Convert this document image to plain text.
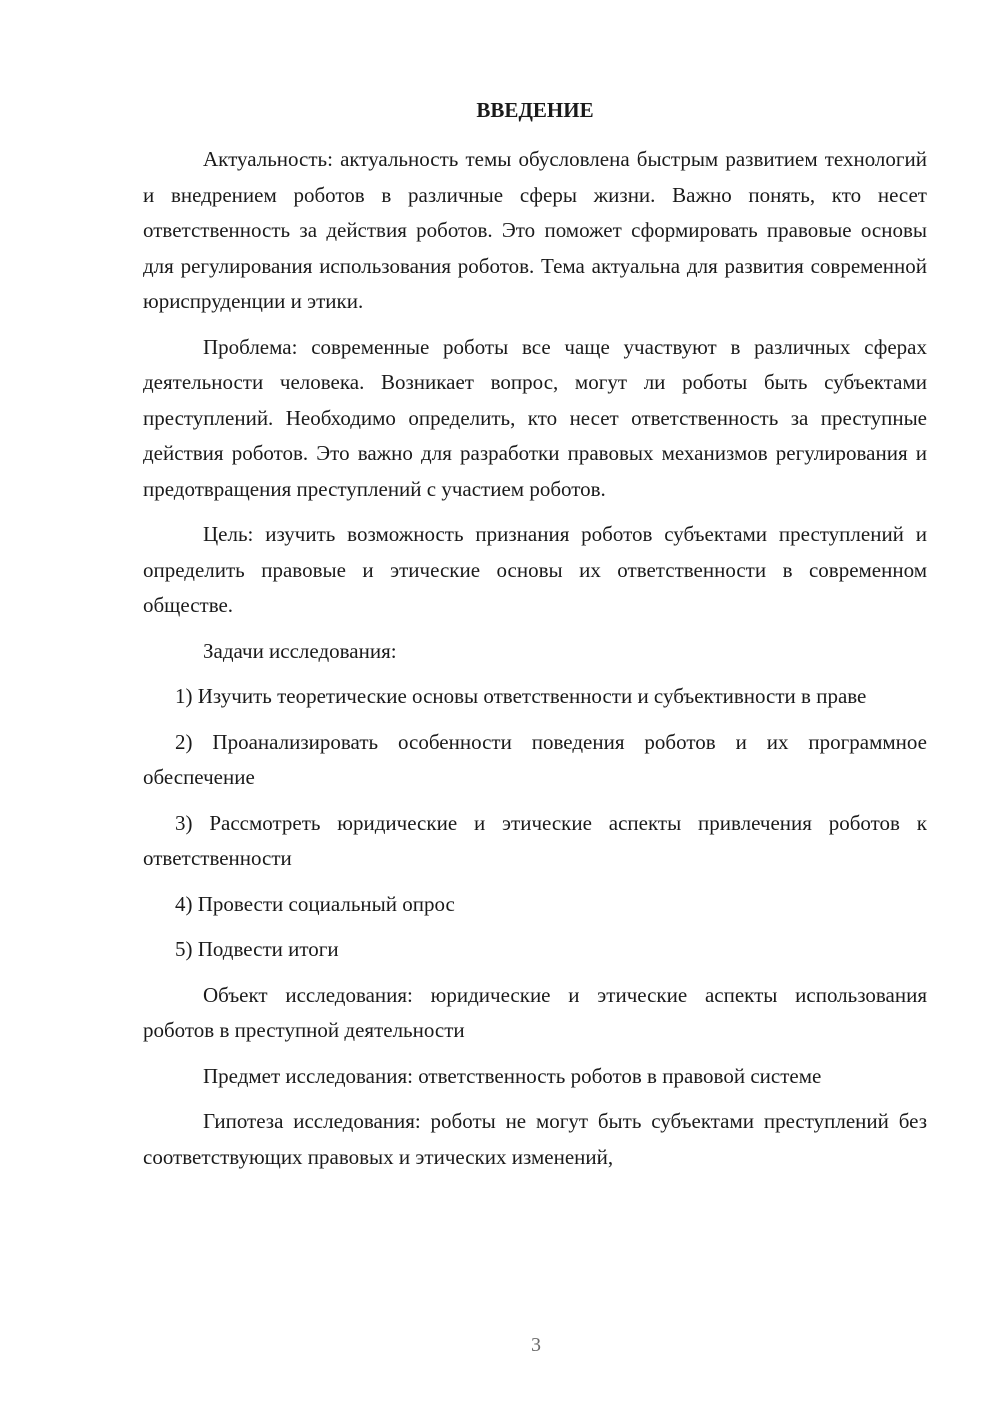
ВВЕДЕНИЕ

Актуальность: актуальность темы обусловлена быстрым развитием технологий и внедрением роботов в различные сферы жизни. Важно понять, кто несет ответственность за действия роботов. Это поможет сформировать правовые основы для регулирования использования роботов. Тема актуальна для развития современной юриспруденции и этики.

Проблема: современные роботы все чаще участвуют в различных сферах деятельности человека. Возникает вопрос, могут ли роботы быть субъектами преступлений. Необходимо определить, кто несет ответственность за преступные действия роботов. Это важно для разработки правовых механизмов регулирования и предотвращения преступлений с участием роботов.

Цель: изучить возможность признания роботов субъектами преступлений и определить правовые и этические основы их ответственности в современном обществе.

Задачи исследования:

1) Изучить теоретические основы ответственности и субъективности в праве

2) Проанализировать особенности поведения роботов и их программное обеспечение

3) Рассмотреть юридические и этические аспекты привлечения роботов к ответственности

4) Провести социальный опрос

5) Подвести итоги

Объект исследования: юридические и этические аспекты использования роботов в преступной деятельности

Предмет исследования: ответственность роботов в правовой системе

Гипотеза исследования: роботы не могут быть субъектами преступлений без соответствующих правовых и этических изменений,

3
